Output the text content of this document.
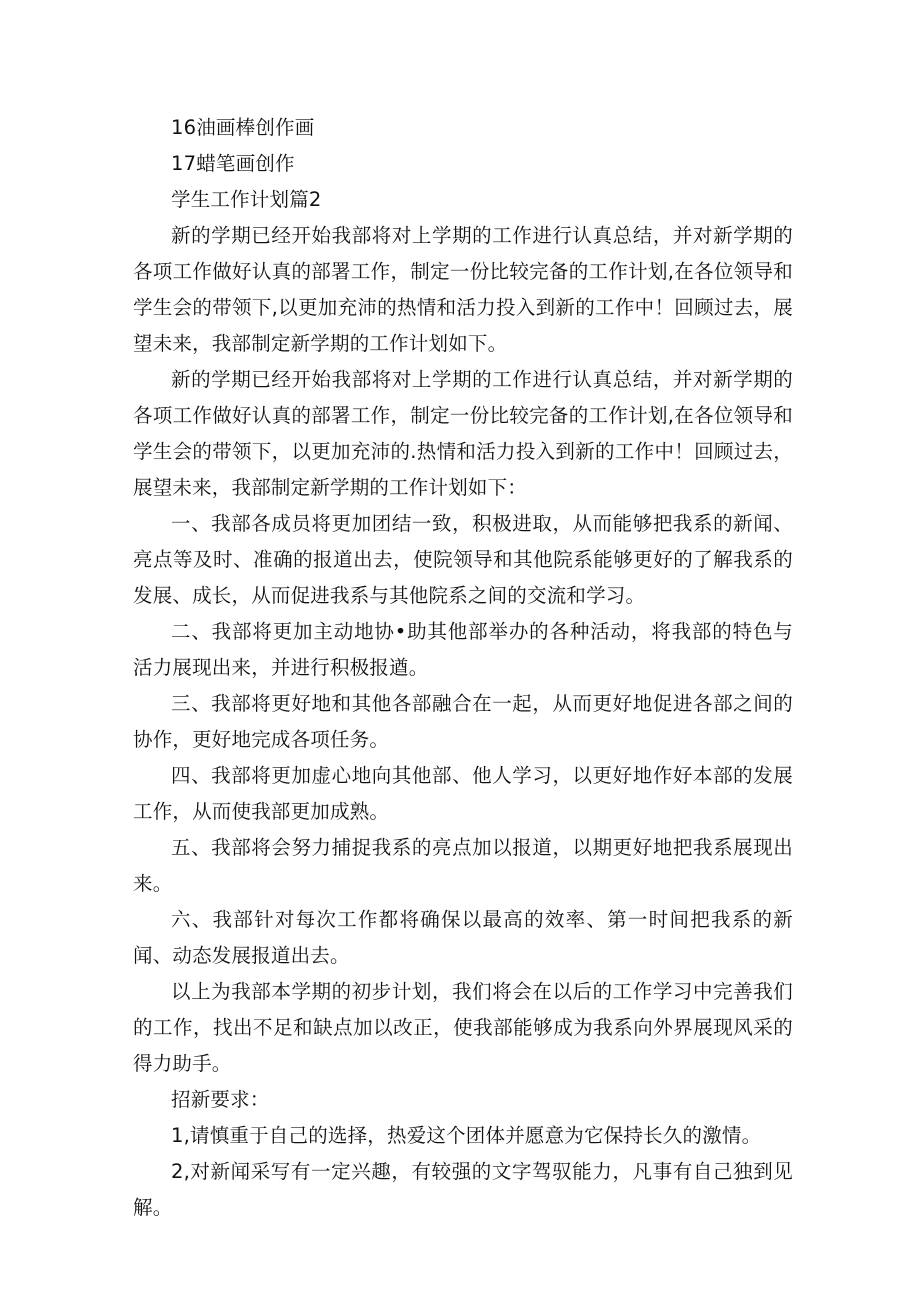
16油画棒创作画

17蜡笔画创作

学生工作计划篇2

新的学期已经开始我部将对上学期的工作进行认真总结，并对新学期的各项工作做好认真的部署工作，制定一份比较完备的工作计划,在各位领导和学生会的带领下,以更加充沛的热情和活力投入到新的工作中！回顾过去，展望未来，我部制定新学期的工作计划如下。

新的学期已经开始我部将对上学期的工作进行认真总结，并对新学期的各项工作做好认真的部署工作，制定一份比较完备的工作计划,在各位领导和学生会的带领下，以更加充沛的.热情和活力投入到新的工作中！回顾过去，展望未来，我部制定新学期的工作计划如下：

一、我部各成员将更加团结一致，积极进取，从而能够把我系的新闻、亮点等及时、准确的报道出去，使院领导和其他院系能够更好的了解我系的发展、成长，从而促进我系与其他院系之间的交流和学习。

二、我部将更加主动地协•助其他部举办的各种活动，将我部的特色与活力展现出来，并进行积极报遒。

三、我部将更好地和其他各部融合在一起，从而更好地促进各部之间的协作，更好地完成各项任务。

四、我部将更加虚心地向其他部、他人学习，以更好地作好本部的发展工作，从而使我部更加成熟。

五、我部将会努力捕捉我系的亮点加以报道，以期更好地把我系展现出来。

六、我部针对每次工作都将确保以最高的效率、第一时间把我系的新闻、动态发展报道出去。

以上为我部本学期的初步计划，我们将会在以后的工作学习中完善我们的工作，找出不足和缺点加以改正，使我部能够成为我系向外界展现风采的得力助手。

招新要求：

1,请慎重于自己的选择，热爱这个团体并愿意为它保持长久的激情。

2,对新闻采写有一定兴趣，有较强的文字驾驭能力，凡事有自己独到见解。
